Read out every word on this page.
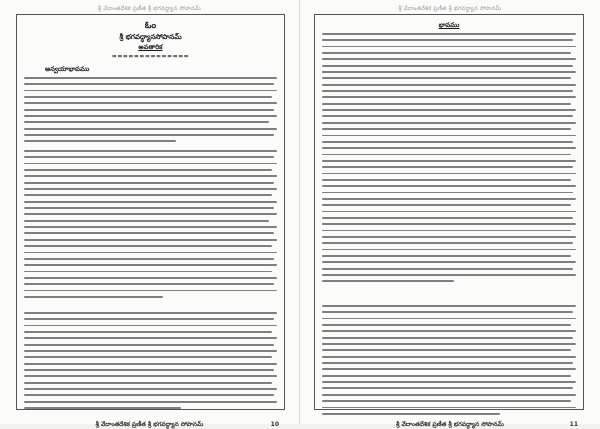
శ్రీ వేదాంతదేశిక ప్రణీత శ్రీ భగవద్ధ్యాన సోపానమ్
ఓం
శ్రీ భగవద్ధ్యానసోపానమ్
అవతారిక
==============
అన్వయాభావము
శ్రీ వేదాంతదేశిక ప్రణీత శ్రీ భగవద్ధ్యాన సోపానమ్	10
శ్రీ వేదాంతదేశిక ప్రణీత శ్రీ భగవద్ధ్యాన సోపానమ్
భావము
శ్రీ వేదాంతదేశిక ప్రణీత శ్రీ భగవద్ధ్యాన సోపానమ్	11
